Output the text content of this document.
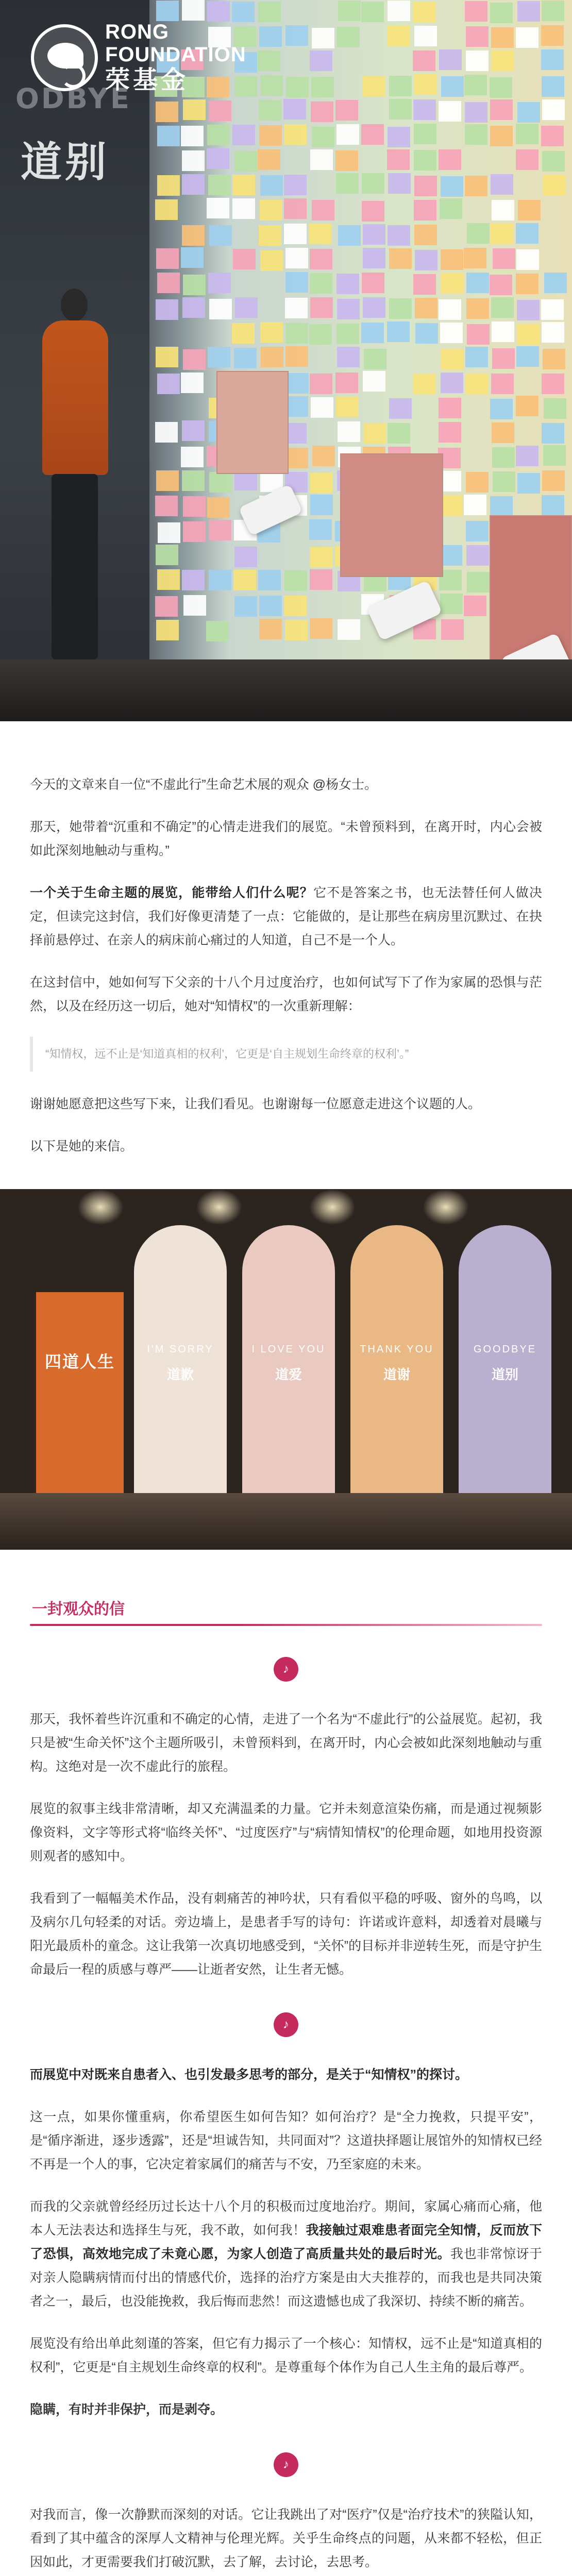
ODBYE
道别
RONG
FOUNDATION
荣基金

今天的文章来自一位“不虚此行”生命艺术展的观众 @杨女士。

那天，她带着“沉重和不确定”的心情走进我们的展览。“未曾预料到，在离开时，内心会被如此深刻地触动与重构。”

一个关于生命主题的展览，能带给人们什么呢？它不是答案之书，也无法替任何人做决定，但读完这封信，我们好像更清楚了一点：它能做的，是让那些在病房里沉默过、在抉择前悬停过、在亲人的病床前心痛过的人知道，自己不是一个人。

在这封信中，她如何写下父亲的十八个月过度治疗，也如何试写下了作为家属的恐惧与茫然，以及在经历这一切后，她对“知情权”的一次重新理解：

“知情权，远不止是‘知道真相的权利’，它更是‘自主规划生命终章的权利’。”

谢谢她愿意把这些写下来，让我们看见。也谢谢每一位愿意走进这个议题的人。

以下是她的来信。

四道人生
I'M SORRY
道歉
I LOVE YOU
道爱
THANK YOU
道谢
GOODBYE
道别
一封观众的信
♪

那天，我怀着些许沉重和不确定的心情，走进了一个名为“不虚此行”的公益展览。起初，我只是被“生命关怀”这个主题所吸引，未曾预料到，在离开时，内心会被如此深刻地触动与重构。这绝对是一次不虚此行的旅程。

展览的叙事主线非常清晰，却又充满温柔的力量。它并未刻意渲染伤痛，而是通过视频影像资料，文字等形式将“临终关怀”、“过度医疗”与“病情知情权”的伦理命题，如地用投资源则观者的感知中。

我看到了一幅幅美术作品，没有刺痛苦的神吟状，只有看似平稳的呼吸、窗外的鸟鸣，以及病尔几句轻柔的对话。旁边墙上，是患者手写的诗句：许诺或许意料，却透着对晨曦与阳光最质朴的童念。这让我第一次真切地感受到，“关怀”的目标并非逆转生死，而是守护生命最后一程的质感与尊严——让逝者安然，让生者无憾。

♪

而展览中对既来自患者入、也引发最多思考的部分，是关于“知情权”的探讨。

这一点，如果你懂重病，你希望医生如何告知？如何治疗？是“全力挽救，只提平安”，是“循序渐进，逐步透露”，还是“坦诚告知，共同面对”？这道抉择题让展馆外的知情权已经不再是一个人的事，它决定着家属们的痛苦与不安，乃至家庭的未来。

而我的父亲就曾经经历过长达十八个月的积极而过度地治疗。期间，家属心痛而心痛，他本人无法表达和选择生与死，我不敢，如何我！我接触过艰难患者面完全知情，反而放下了恐惧，高效地完成了未竟心愿，为家人创造了高质量共处的最后时光。我也非常惊讶于对亲人隐瞒病情而付出的情感代价，选择的治疗方案是由大夫推荐的，而我也是共同决策者之一，最后，也没能挽救，我后悔而悲然！而这遗憾也成了我深切、持续不断的痛苦。

展览没有给出单此刻谨的答案，但它有力揭示了一个核心：知情权，远不止是“知道真相的权利”，它更是“自主规划生命终章的权利”。是尊重每个体作为自己人生主角的最后尊严。

隐瞒，有时并非保护，而是剥夺。

♪

对我而言，像一次静默而深刻的对话。它让我跳出了对“医疗”仅是“治疗技术”的狭隘认知，看到了其中蕴含的深厚人文精神与伦理光辉。关乎生命终点的问题，从来都不轻松，但正因如此，才更需要我们打破沉默，去了解，去讨论，去思考。
